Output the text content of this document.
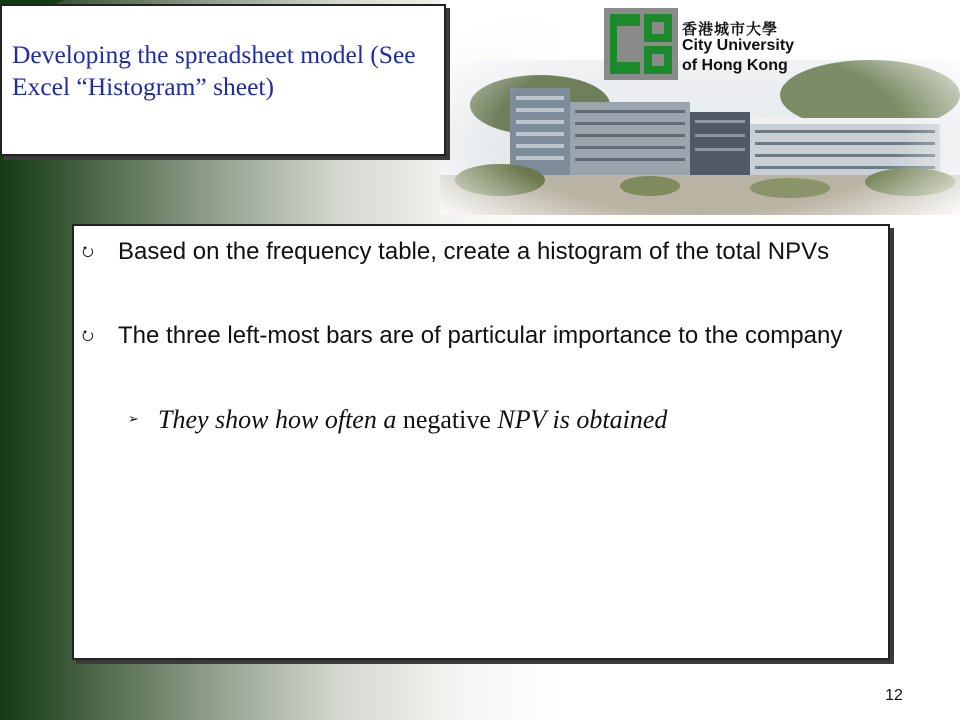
香港城市大學
City University
of Hong Kong
Developing the spreadsheet model (See Excel “Histogram” sheet)
⭮	Based on the frequency table, create a histogram of the total NPVs
⭮	The three left-most bars are of particular importance to the company
➢ They show how often a negative NPV is obtained
12
